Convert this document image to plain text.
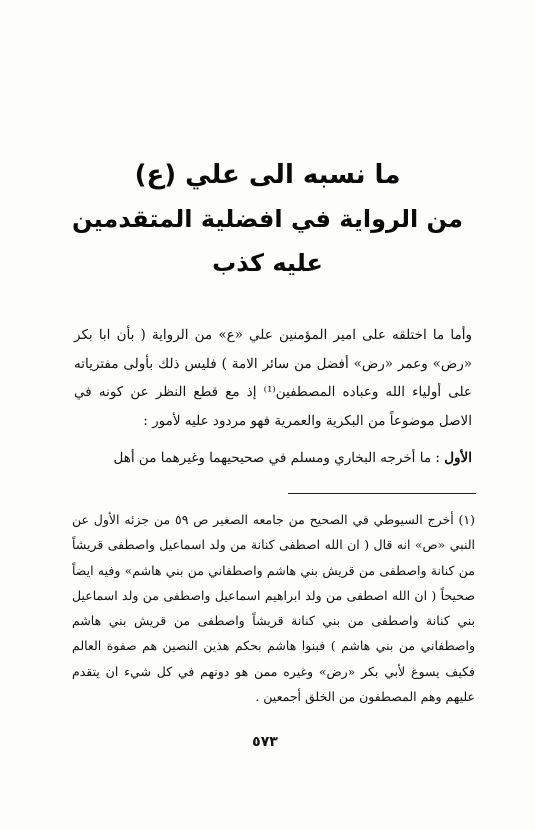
ما نسبه الى علي (ع)
من الرواية في افضلية المتقدمين
عليه كذب

وأما ما اختلقه على امير المؤمنين علي «ع» من الرواية ( بأن ابا بكر «رض» وعمر «رض» أفضل من سائر الامة ) فليس ذلك بأولى مفترياته على أولياء الله وعباده المصطفين⁽¹⁾ إذ مع قطع النظر عن كونه في الاصل موضوعاً من البكرية والعمرية فهو مردود عليه لأمور :

الأول : ما أخرجه البخاري ومسلم في صحيحيهما وغيرهما من أهل

(١) أخرج السيوطي في الصحيح من جامعه الصغير ص ٥٩ من جزئه الأول عن النبي «ص» انه قال ( ان الله اصطفى كنانة من ولد اسماعيل واصطفى قريشاً من كنانة واصطفى من قريش بني هاشم واصطفاني من بني هاشم» وفيه ايضاً صحيحاً ( ان الله اصطفى من ولد ابراهيم اسماعيل واصطفى من ولد اسماعيل بني كنانة واصطفى من بني كنانة قريشاً واصطفى من قريش بني هاشم واصطفاني من بني هاشم ) فبنوا هاشم بحكم هذين النصين هم صفوة العالم فكيف يسوغ لأبي بكر «رض» وغيره ممن هو دونهم في كل شيء ان يتقدم عليهم وهم المصطفون من الخلق أجمعين .

٥٧٣
